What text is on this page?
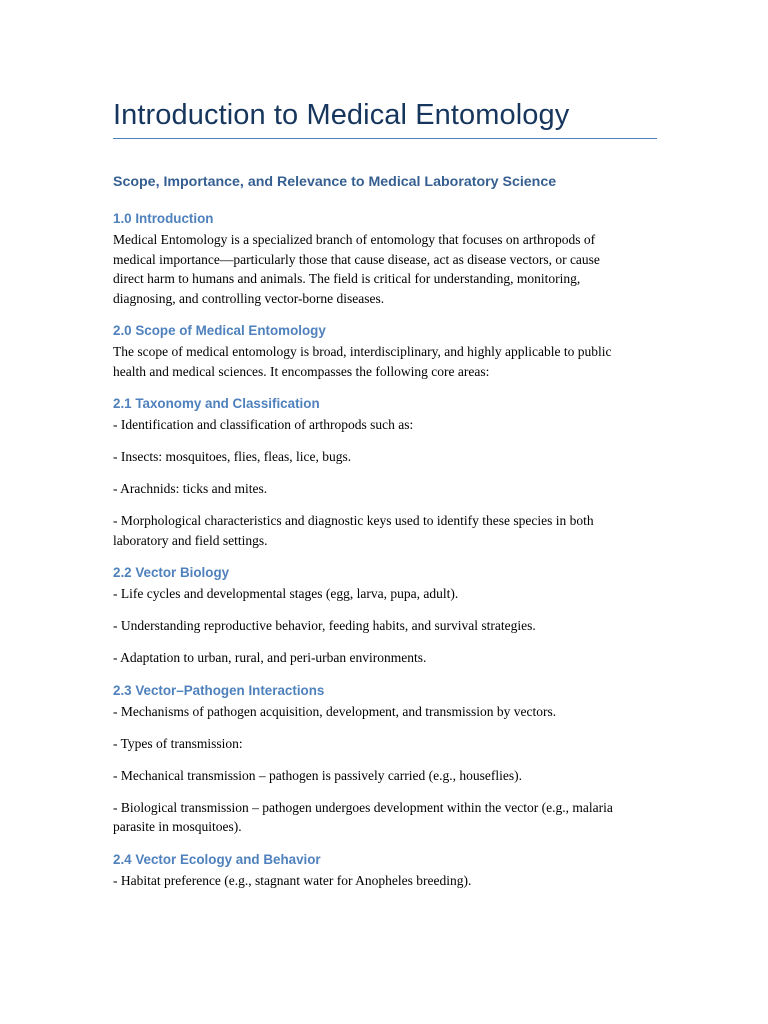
Introduction to Medical Entomology
Scope, Importance, and Relevance to Medical Laboratory Science
1.0 Introduction
Medical Entomology is a specialized branch of entomology that focuses on arthropods of
medical importance—particularly those that cause disease, act as disease vectors, or cause
direct harm to humans and animals. The field is critical for understanding, monitoring,
diagnosing, and controlling vector-borne diseases.
2.0 Scope of Medical Entomology
The scope of medical entomology is broad, interdisciplinary, and highly applicable to public
health and medical sciences. It encompasses the following core areas:
2.1 Taxonomy and Classification
- Identification and classification of arthropods such as:
- Insects: mosquitoes, flies, fleas, lice, bugs.
- Arachnids: ticks and mites.
- Morphological characteristics and diagnostic keys used to identify these species in both
laboratory and field settings.
2.2 Vector Biology
- Life cycles and developmental stages (egg, larva, pupa, adult).
- Understanding reproductive behavior, feeding habits, and survival strategies.
- Adaptation to urban, rural, and peri-urban environments.
2.3 Vector–Pathogen Interactions
- Mechanisms of pathogen acquisition, development, and transmission by vectors.
- Types of transmission:
- Mechanical transmission – pathogen is passively carried (e.g., houseflies).
- Biological transmission – pathogen undergoes development within the vector (e.g., malaria
parasite in mosquitoes).
2.4 Vector Ecology and Behavior
- Habitat preference (e.g., stagnant water for Anopheles breeding).
